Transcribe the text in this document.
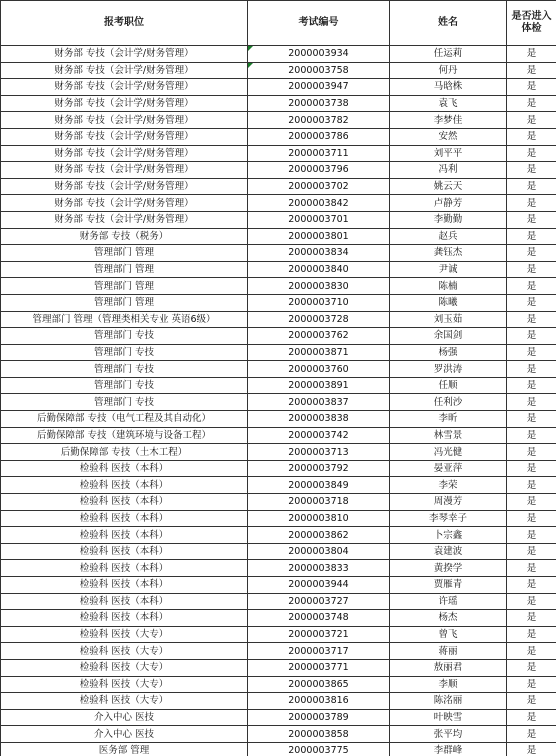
报考职位	考试编号	姓名	是否进入
体检
财务部 专技（会计学/财务管理）	2000003934	任运莉	是
财务部 专技（会计学/财务管理）	2000003758	何丹	是
财务部 专技（会计学/财务管理）	2000003947	马晗株	是
财务部 专技（会计学/财务管理）	2000003738	袁飞	是
财务部 专技（会计学/财务管理）	2000003782	李梦佳	是
财务部 专技（会计学/财务管理）	2000003786	安然	是
财务部 专技（会计学/财务管理）	2000003711	刘平平	是
财务部 专技（会计学/财务管理）	2000003796	冯利	是
财务部 专技（会计学/财务管理）	2000003702	姚云天	是
财务部 专技（会计学/财务管理）	2000003842	卢静芳	是
财务部 专技（会计学/财务管理）	2000003701	李勤勤	是
财务部 专技（税务）	2000003801	赵兵	是
管理部门 管理	2000003834	龚钰杰	是
管理部门 管理	2000003840	尹诚	是
管理部门 管理	2000003830	陈楠	是
管理部门 管理	2000003710	陈曦	是
管理部门 管理（管理类相关专业 英语6级）	2000003728	刘玉茹	是
管理部门 专技	2000003762	余国剑	是
管理部门 专技	2000003871	杨强	是
管理部门 专技	2000003760	罗洪涛	是
管理部门 专技	2000003891	任顺	是
管理部门 专技	2000003837	任利沙	是
后勤保障部 专技（电气工程及其自动化）	2000003838	李昕	是
后勤保障部 专技（建筑环境与设备工程）	2000003742	林雪景	是
后勤保障部 专技（土木工程）	2000003713	冯光健	是
检验科 医技（本科）	2000003792	晏亚萍	是
检验科 医技（本科）	2000003849	李荣	是
检验科 医技（本科）	2000003718	周漫芳	是
检验科 医技（本科）	2000003810	李琴幸子	是
检验科 医技（本科）	2000003862	卜宗鑫	是
检验科 医技（本科）	2000003804	袁建波	是
检验科 医技（本科）	2000003833	黄揆学	是
检验科 医技（本科）	2000003944	贾雁青	是
检验科 医技（本科）	2000003727	许瑶	是
检验科 医技（本科）	2000003748	杨杰	是
检验科 医技（大专）	2000003721	曾飞	是
检验科 医技（大专）	2000003717	蒋丽	是
检验科 医技（大专）	2000003771	敖丽君	是
检验科 医技（大专）	2000003865	李顺	是
检验科 医技（大专）	2000003816	陈洺丽	是
介入中心 医技	2000003789	叶映雪	是
介入中心 医技	2000003858	张平均	是
医务部 管理	2000003775	李群峰	是
